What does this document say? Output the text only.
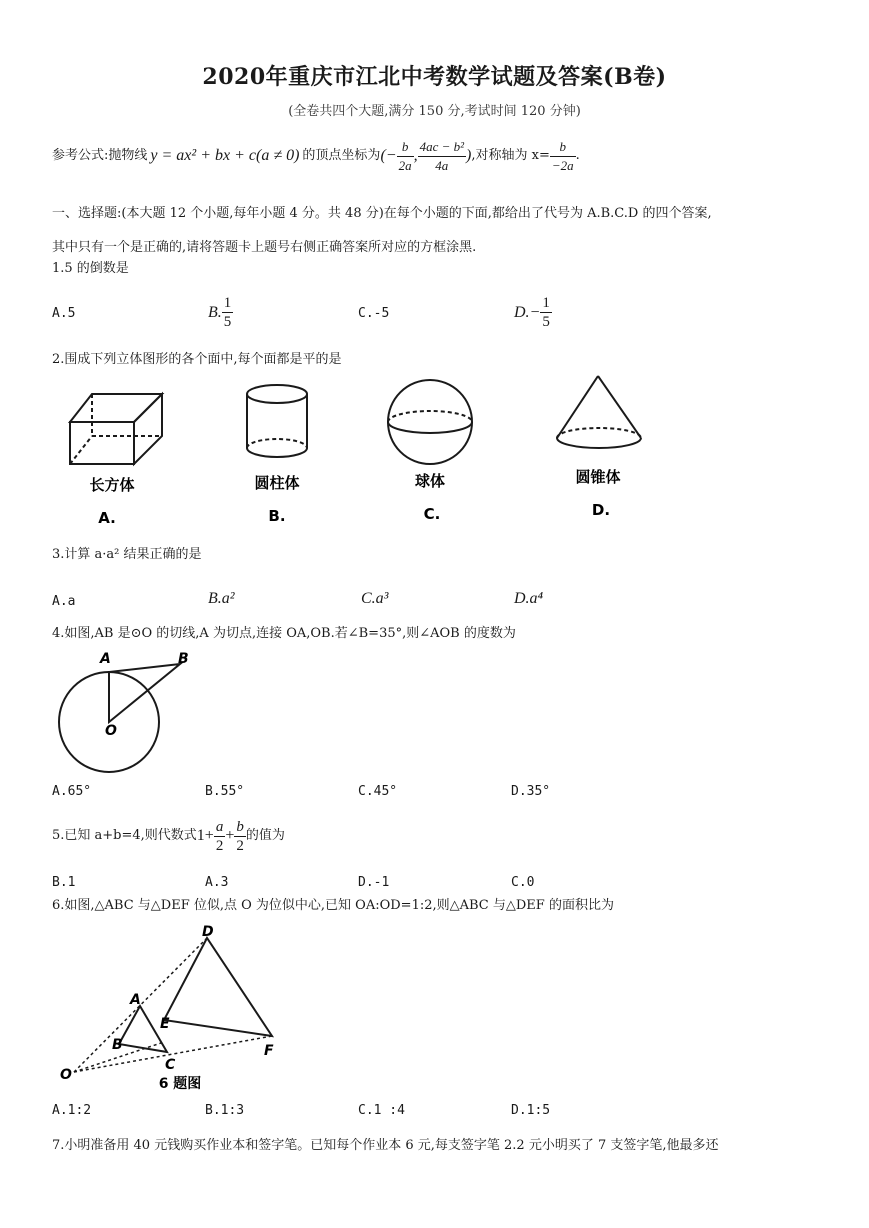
2020年重庆市江北中考数学试题及答案(B卷)
(全卷共四个大题,满分 150 分,考试时间 120 分钟)
参考公式:抛物线 y = ax² + bx + c(a ≠ 0) 的顶点坐标为 (− $\frac{b}{2a}$ , $\frac{\text{4ac − b²}}{4a}$ ) ,对称轴为 $x= \frac{b}{-2a}$ .
一、选择题:(本大题 12 个小题,每年小题 4 分。共 48 分)在每个小题的下面,都给出了代号为 A.B.C.D 的四个答案,
其中只有一个是正确的,请将答题卡上题号右侧正确答案所对应的方框涂黑.
1.5 的倒数是
A.5	B. $\frac{1}{5}$	C.-5	$D.- \frac{1}{5}$
2.围成下列立体图形的各个面中,每个面都是平的是
长方体	圆柱体	球体	圆锥体
A.	B.	C.	D.
3.计算 a·a² 结果正确的是
A.a	B.a²	C.a³	D.a⁴
4.如图,AB 是⊙O 的切线,A 为切点,连接 OA,OB.若∠B=35°,则∠AOB 的度数为
A	B
O
A.65°	B.55°	C.45°	D.35°
5.已知 a+b=4,则代数式 $1+ \frac{a}{2} + \frac{b}{2}$ 的值为
B.1	A.3	D.-1	C.0
6.如图,△ABC 与△DEF 位似,点 O 为位似中心,已知 OA:OD=1:2,则△ABC 与△DEF 的面积比为
D
A
E
B
C
F
O
6 题图
A.1:2	B.1:3	C.1 :4	D.1:5
7.小明准备用 40 元钱购买作业本和签字笔。已知每个作业本 6 元,每支签字笔 2.2 元小明买了 7 支签字笔,他最多还
